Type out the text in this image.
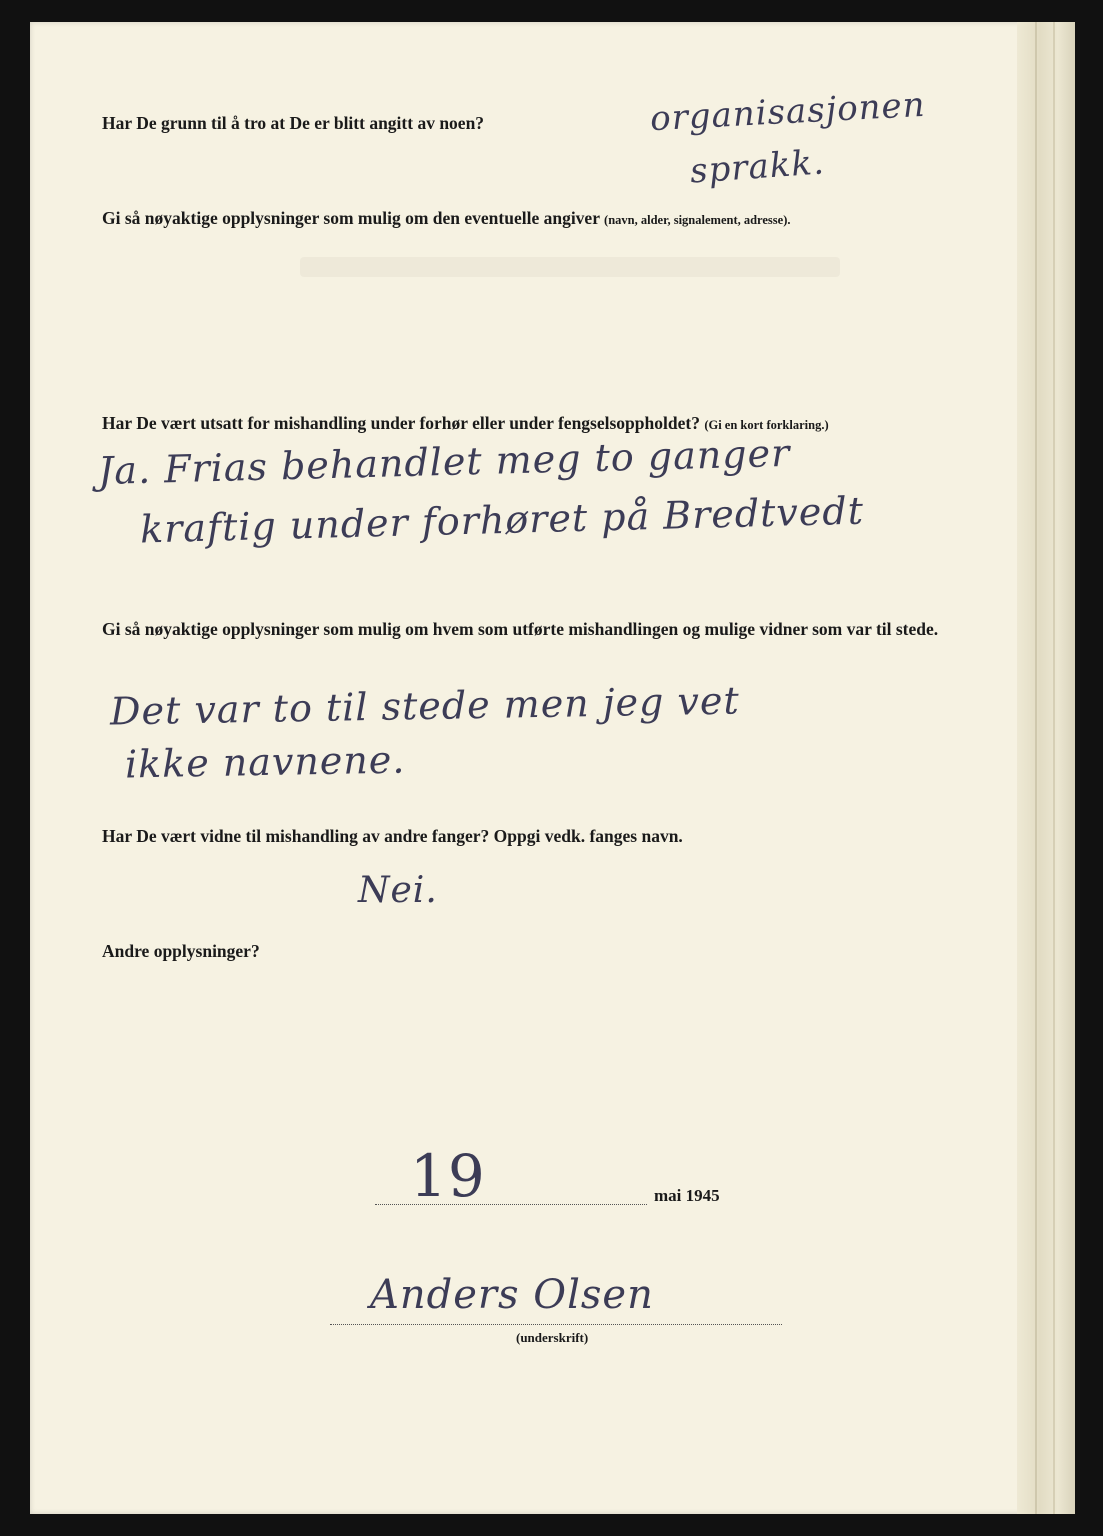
Har De grunn til å tro at De er blitt angitt av noen?	organisasjonen
sprakk.
Gi så nøyaktige opplysninger som mulig om den eventuelle angiver (navn, alder, signalement, adresse).
Har De vært utsatt for mishandling under forhør eller under fengselsoppholdet? (Gi en kort forklaring.)
Ja. Frias behandlet meg to ganger
kraftig under forhøret på Bredtvedt
Gi så nøyaktige opplysninger som mulig om hvem som utførte mishandlingen og mulige vidner som var til stede.
Det var to til stede men jeg vet
ikke navnene.
Har De vært vidne til mishandling av andre fanger? Oppgi vedk. fanges navn.
Nei.
Andre opplysninger?
19	mai 1945
Anders Olsen
(underskrift)
